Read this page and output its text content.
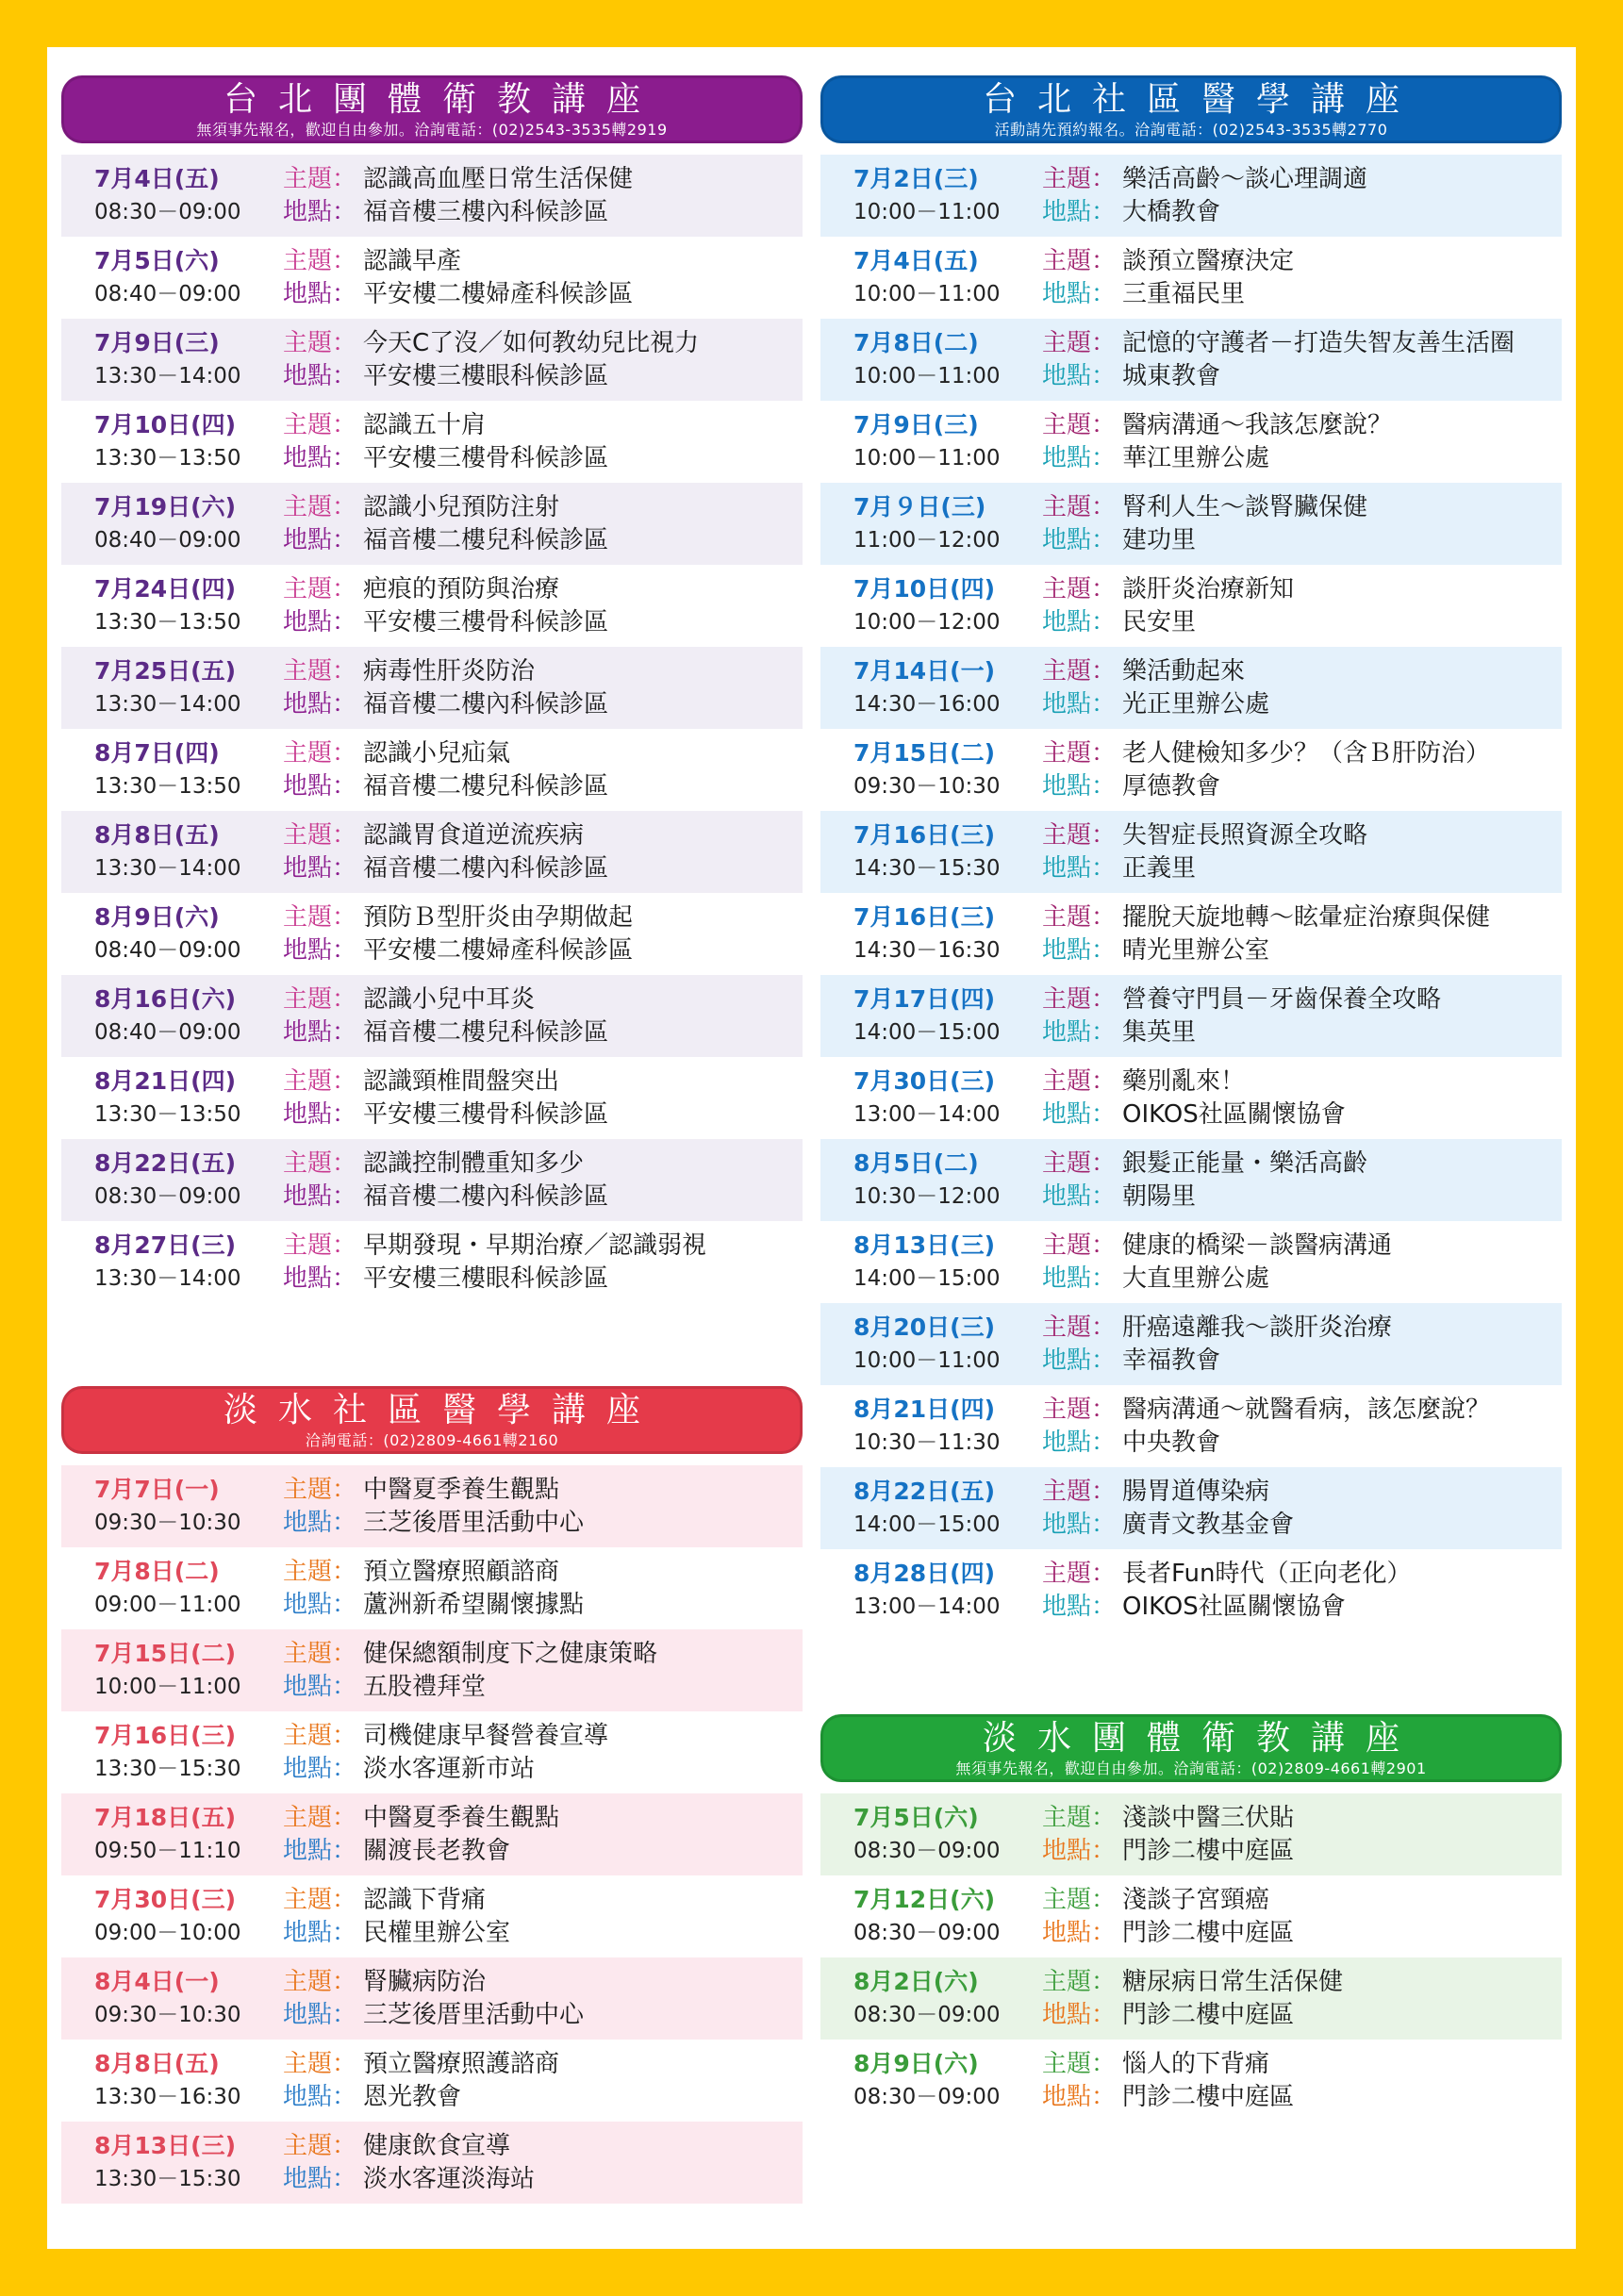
台北團體衛教講座
無須事先報名，歡迎自由參加。洽詢電話：(02)2543-3535轉2919
7月4日(五)
08:30－09:00
主題： 認識高血壓日常生活保健
地點： 福音樓三樓內科候診區
7月5日(六)
08:40－09:00
主題： 認識早產
地點： 平安樓二樓婦產科候診區
7月9日(三)
13:30－14:00
主題： 今天C了沒／如何教幼兒比視力
地點： 平安樓三樓眼科候診區
7月10日(四)
13:30－13:50
主題： 認識五十肩
地點： 平安樓三樓骨科候診區
7月19日(六)
08:40－09:00
主題： 認識小兒預防注射
地點： 福音樓二樓兒科候診區
7月24日(四)
13:30－13:50
主題： 疤痕的預防與治療
地點： 平安樓三樓骨科候診區
7月25日(五)
13:30－14:00
主題： 病毒性肝炎防治
地點： 福音樓二樓內科候診區
8月7日(四)
13:30－13:50
主題： 認識小兒疝氣
地點： 福音樓二樓兒科候診區
8月8日(五)
13:30－14:00
主題： 認識胃食道逆流疾病
地點： 福音樓二樓內科候診區
8月9日(六)
08:40－09:00
主題： 預防Ｂ型肝炎由孕期做起
地點： 平安樓二樓婦產科候診區
8月16日(六)
08:40－09:00
主題： 認識小兒中耳炎
地點： 福音樓二樓兒科候診區
8月21日(四)
13:30－13:50
主題： 認識頸椎間盤突出
地點： 平安樓三樓骨科候診區
8月22日(五)
08:30－09:00
主題： 認識控制體重知多少
地點： 福音樓二樓內科候診區
8月27日(三)
13:30－14:00
主題： 早期發現・早期治療／認識弱視
地點： 平安樓三樓眼科候診區
台北社區醫學講座
活動請先預約報名。洽詢電話：(02)2543-3535轉2770
7月2日(三)
10:00－11:00
主題： 樂活高齡～談心理調適
地點： 大橋教會
7月4日(五)
10:00－11:00
主題： 談預立醫療決定
地點： 三重福民里
7月8日(二)
10:00－11:00
主題： 記憶的守護者－打造失智友善生活圈
地點： 城東教會
7月9日(三)
10:00－11:00
主題： 醫病溝通～我該怎麼說？
地點： 華江里辦公處
7月９日(三)
11:00－12:00
主題： 腎利人生～談腎臟保健
地點： 建功里
7月10日(四)
10:00－12:00
主題： 談肝炎治療新知
地點： 民安里
7月14日(一)
14:30－16:00
主題： 樂活動起來
地點： 光正里辦公處
7月15日(二)
09:30－10:30
主題： 老人健檢知多少？（含Ｂ肝防治）
地點： 厚德教會
7月16日(三)
14:30－15:30
主題： 失智症長照資源全攻略
地點： 正義里
7月16日(三)
14:30－16:30
主題： 擺脫天旋地轉～眩暈症治療與保健
地點： 晴光里辦公室
7月17日(四)
14:00－15:00
主題： 營養守門員－牙齒保養全攻略
地點： 集英里
7月30日(三)
13:00－14:00
主題： 藥別亂來！
地點： OIKOS社區關懷協會
8月5日(二)
10:30－12:00
主題： 銀髮正能量・樂活高齡
地點： 朝陽里
8月13日(三)
14:00－15:00
主題： 健康的橋梁－談醫病溝通
地點： 大直里辦公處
8月20日(三)
10:00－11:00
主題： 肝癌遠離我～談肝炎治療
地點： 幸福教會
8月21日(四)
10:30－11:30
主題： 醫病溝通～就醫看病，該怎麼說？
地點： 中央教會
8月22日(五)
14:00－15:00
主題： 腸胃道傳染病
地點： 廣青文教基金會
8月28日(四)
13:00－14:00
主題： 長者Fun時代（正向老化）
地點： OIKOS社區關懷協會
淡水社區醫學講座
洽詢電話：(02)2809-4661轉2160
7月7日(一)
09:30－10:30
主題： 中醫夏季養生觀點
地點： 三芝後厝里活動中心
7月8日(二)
09:00－11:00
主題： 預立醫療照顧諮商
地點： 蘆洲新希望關懷據點
7月15日(二)
10:00－11:00
主題： 健保總額制度下之健康策略
地點： 五股禮拜堂
7月16日(三)
13:30－15:30
主題： 司機健康早餐營養宣導
地點： 淡水客運新市站
7月18日(五)
09:50－11:10
主題： 中醫夏季養生觀點
地點： 關渡長老教會
7月30日(三)
09:00－10:00
主題： 認識下背痛
地點： 民權里辦公室
8月4日(一)
09:30－10:30
主題： 腎臟病防治
地點： 三芝後厝里活動中心
8月8日(五)
13:30－16:30
主題： 預立醫療照護諮商
地點： 恩光教會
8月13日(三)
13:30－15:30
主題： 健康飲食宣導
地點： 淡水客運淡海站
淡水團體衛教講座
無須事先報名，歡迎自由參加。洽詢電話：(02)2809-4661轉2901
7月5日(六)
08:30－09:00
主題： 淺談中醫三伏貼
地點： 門診二樓中庭區
7月12日(六)
08:30－09:00
主題： 淺談子宮頸癌
地點： 門診二樓中庭區
8月2日(六)
08:30－09:00
主題： 糖尿病日常生活保健
地點： 門診二樓中庭區
8月9日(六)
08:30－09:00
主題： 惱人的下背痛
地點： 門診二樓中庭區
